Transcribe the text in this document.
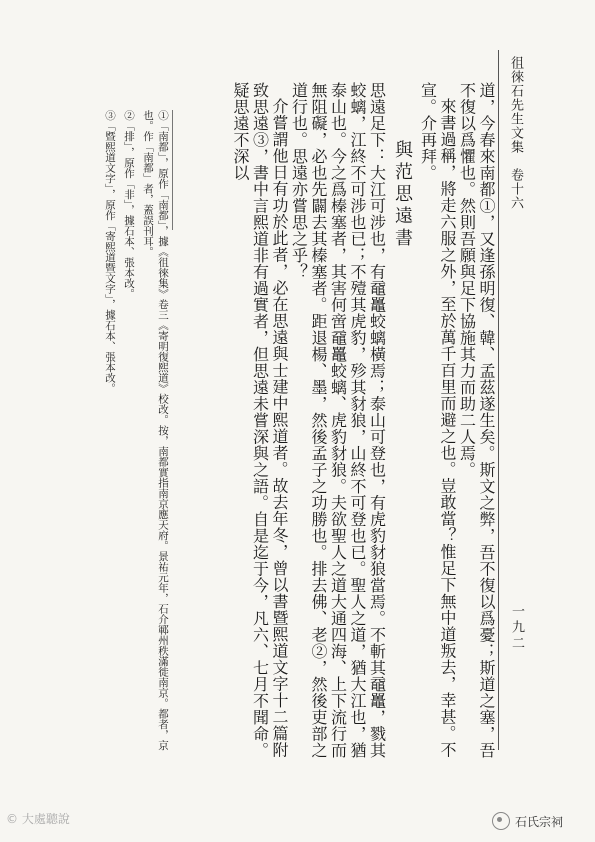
徂徠石先生文集　卷十六
一九二

道，今春來南都①，又逢孫明復、韓、孟茲遂生矣。斯文之弊，吾不復以爲憂；斯道之塞，吾不復以爲懼也。然則吾願與足下協施其力而助二人焉。

來書過稱，將走六服之外，至於萬千百里而避之也。豈敢當？惟足下無中道叛去，幸甚。不宣。介再拜。

與范思遠書

思遠足下：大江可涉也，有黿鼉蛟螭橫焉；泰山可登也，有虎豹豺狼當焉。不斬其黿鼉，戮其蛟螭，江終不可涉也已；不殪其虎豹，殄其豺狼，山終不可登也已。聖人之道，猶大江也，猶泰山也。今之爲榛塞者，其害何啻黿鼉蛟螭、虎豹豺狼。夫欲聖人之道大通四海、上下流行而無阻礙，必也先闢去其榛塞者。距退楊、墨，然後孟子之功勝也。排去佛、老②，然後吏部之道行也。思遠亦嘗思之乎？

介嘗謂他日有功於此者，必在思遠與士建中熙道者。故去年冬，曾以書暨熙道文字十二篇附致思遠③，書中言熙道非有過實者，但思遠未嘗深與之語。自是迄于今，凡六、七月不聞命。疑思遠不深以

①「南都」，原作「南都」，據《徂徠集》卷三《寄明復熙道》校改。按，南都實指南京應天府。景祐元年，石介鄆州秩滿徙南京。都者，京也。作「南都」者，蓋誤刊耳。

②「排」，原作「非」，據石本、張本改。

③「暨熙道文字」，原作「寄熙道暨文字」，據石本、張本改。

© 大處聽說	石氏宗祠
